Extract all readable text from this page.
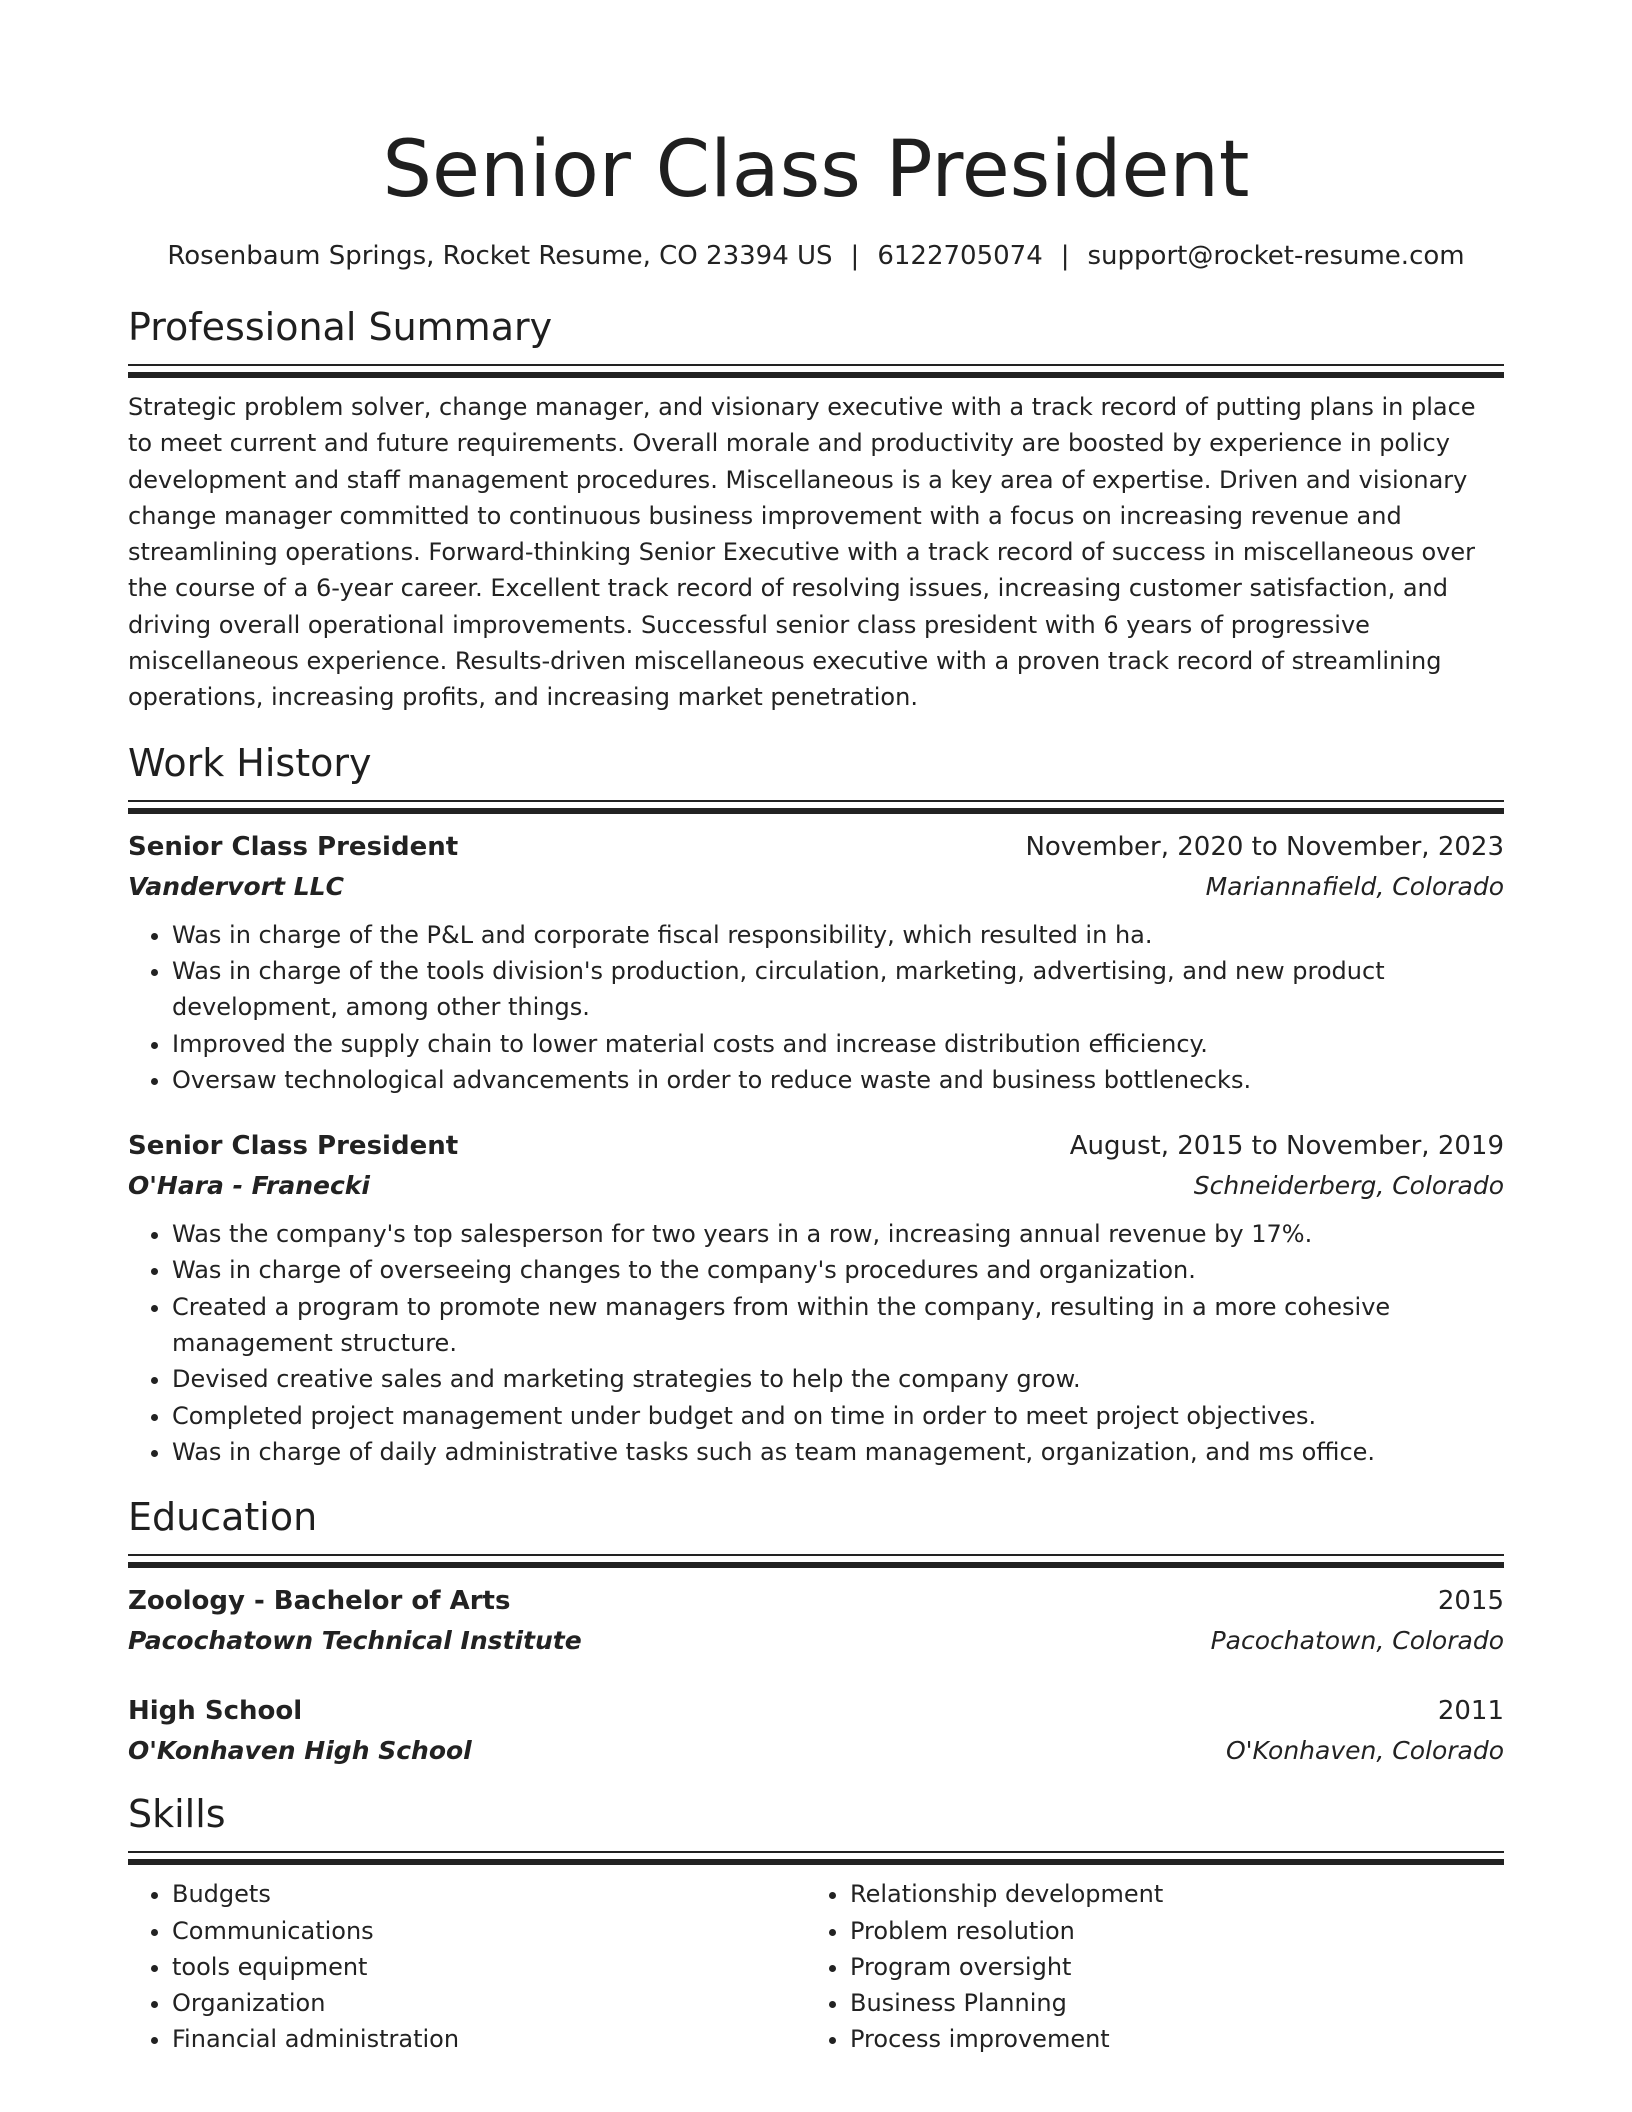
Senior Class President
Rosenbaum Springs, Rocket Resume, CO 23394 US | 6122705074 | support@rocket-resume.com
Professional Summary
Strategic problem solver, change manager, and visionary executive with a track record of putting plans in place to meet current and future requirements. Overall morale and productivity are boosted by experience in policy development and staff management procedures. Miscellaneous is a key area of expertise. Driven and visionary change manager committed to continuous business improvement with a focus on increasing revenue and streamlining operations. Forward-thinking Senior Executive with a track record of success in miscellaneous over the course of a 6-year career. Excellent track record of resolving issues, increasing customer satisfaction, and driving overall operational improvements. Successful senior class president with 6 years of progressive miscellaneous experience. Results-driven miscellaneous executive with a proven track record of streamlining operations, increasing profits, and increasing market penetration.
Work History
Senior Class President	November, 2020 to November, 2023
Vandervort LLC	Mariannafield, Colorado
• Was in charge of the P&L and corporate fiscal responsibility, which resulted in ha.
• Was in charge of the tools division's production, circulation, marketing, advertising, and new product development, among other things.
• Improved the supply chain to lower material costs and increase distribution efficiency.
• Oversaw technological advancements in order to reduce waste and business bottlenecks.
Senior Class President	August, 2015 to November, 2019
O'Hara - Franecki	Schneiderberg, Colorado
• Was the company's top salesperson for two years in a row, increasing annual revenue by 17%.
• Was in charge of overseeing changes to the company's procedures and organization.
• Created a program to promote new managers from within the company, resulting in a more cohesive management structure.
• Devised creative sales and marketing strategies to help the company grow.
• Completed project management under budget and on time in order to meet project objectives.
• Was in charge of daily administrative tasks such as team management, organization, and ms office.
Education
Zoology - Bachelor of Arts	2015
Pacochatown Technical Institute	Pacochatown, Colorado
High School	2011
O'Konhaven High School	O'Konhaven, Colorado
Skills
• Budgets
• Communications
• tools equipment
• Organization
• Financial administration
• Relationship development
• Problem resolution
• Program oversight
• Business Planning
• Process improvement
